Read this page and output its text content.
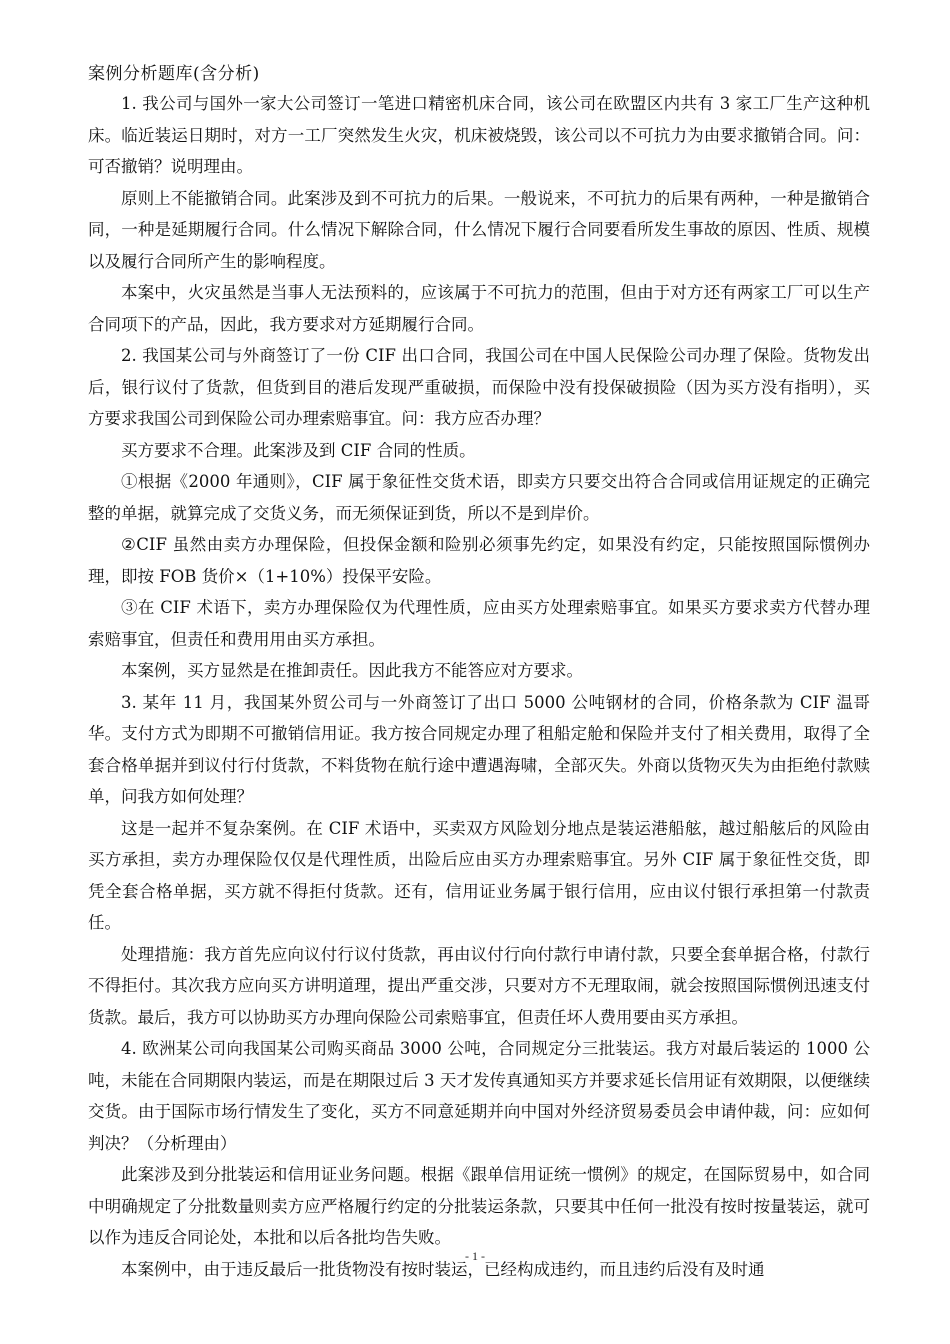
案例分析题库(含分析)

1. 我公司与国外一家大公司签订一笔进口精密机床合同，该公司在欧盟区内共有 3 家工厂生产这种机床。临近装运日期时，对方一工厂突然发生火灾，机床被烧毁，该公司以不可抗力为由要求撤销合同。问：可否撤销？说明理由。

原则上不能撤销合同。此案涉及到不可抗力的后果。一般说来，不可抗力的后果有两种，一种是撤销合同，一种是延期履行合同。什么情况下解除合同，什么情况下履行合同要看所发生事故的原因、性质、规模以及履行合同所产生的影响程度。

本案中，火灾虽然是当事人无法预料的，应该属于不可抗力的范围，但由于对方还有两家工厂可以生产合同项下的产品，因此，我方要求对方延期履行合同。

2. 我国某公司与外商签订了一份 CIF 出口合同，我国公司在中国人民保险公司办理了保险。货物发出后，银行议付了货款，但货到目的港后发现严重破损，而保险中没有投保破损险（因为买方没有指明），买方要求我国公司到保险公司办理索赔事宜。问：我方应否办理？

买方要求不合理。此案涉及到 CIF 合同的性质。

①根据《2000 年通则》，CIF 属于象征性交货术语，即卖方只要交出符合合同或信用证规定的正确完整的单据，就算完成了交货义务，而无须保证到货，所以不是到岸价。

②CIF 虽然由卖方办理保险，但投保金额和险别必须事先约定，如果没有约定，只能按照国际惯例办理，即按 FOB 货价×（1+10%）投保平安险。

③在 CIF 术语下，卖方办理保险仅为代理性质，应由买方处理索赔事宜。如果买方要求卖方代替办理索赔事宜，但责任和费用用由买方承担。

本案例，买方显然是在推卸责任。因此我方不能答应对方要求。

3. 某年 11 月，我国某外贸公司与一外商签订了出口 5000 公吨钢材的合同，价格条款为 CIF 温哥华。支付方式为即期不可撤销信用证。我方按合同规定办理了租船定舱和保险并支付了相关费用，取得了全套合格单据并到议付行付货款，不料货物在航行途中遭遇海啸，全部灭失。外商以货物灭失为由拒绝付款赎单，问我方如何处理？

这是一起并不复杂案例。在 CIF 术语中，买卖双方风险划分地点是装运港船舷，越过船舷后的风险由买方承担，卖方办理保险仅仅是代理性质，出险后应由买方办理索赔事宜。另外 CIF 属于象征性交货，即凭全套合格单据，买方就不得拒付货款。还有，信用证业务属于银行信用，应由议付银行承担第一付款责任。

处理措施：我方首先应向议付行议付货款，再由议付行向付款行申请付款，只要全套单据合格，付款行不得拒付。其次我方应向买方讲明道理，提出严重交涉，只要对方不无理取闹，就会按照国际惯例迅速支付货款。最后，我方可以协助买方办理向保险公司索赔事宜，但责任坏人费用要由买方承担。

4. 欧洲某公司向我国某公司购买商品 3000 公吨，合同规定分三批装运。我方对最后装运的 1000 公吨，未能在合同期限内装运，而是在期限过后 3 天才发传真通知买方并要求延长信用证有效期限，以便继续交货。由于国际市场行情发生了变化，买方不同意延期并向中国对外经济贸易委员会申请仲裁，问：应如何判决？（分析理由）

此案涉及到分批装运和信用证业务问题。根据《跟单信用证统一惯例》的规定，在国际贸易中，如合同中明确规定了分批数量则卖方应严格履行约定的分批装运条款，只要其中任何一批没有按时按量装运，就可以作为违反合同论处，本批和以后各批均告失败。

本案例中，由于违反最后一批货物没有按时装运，已经构成违约，而且违约后没有及时通

- 1 -
